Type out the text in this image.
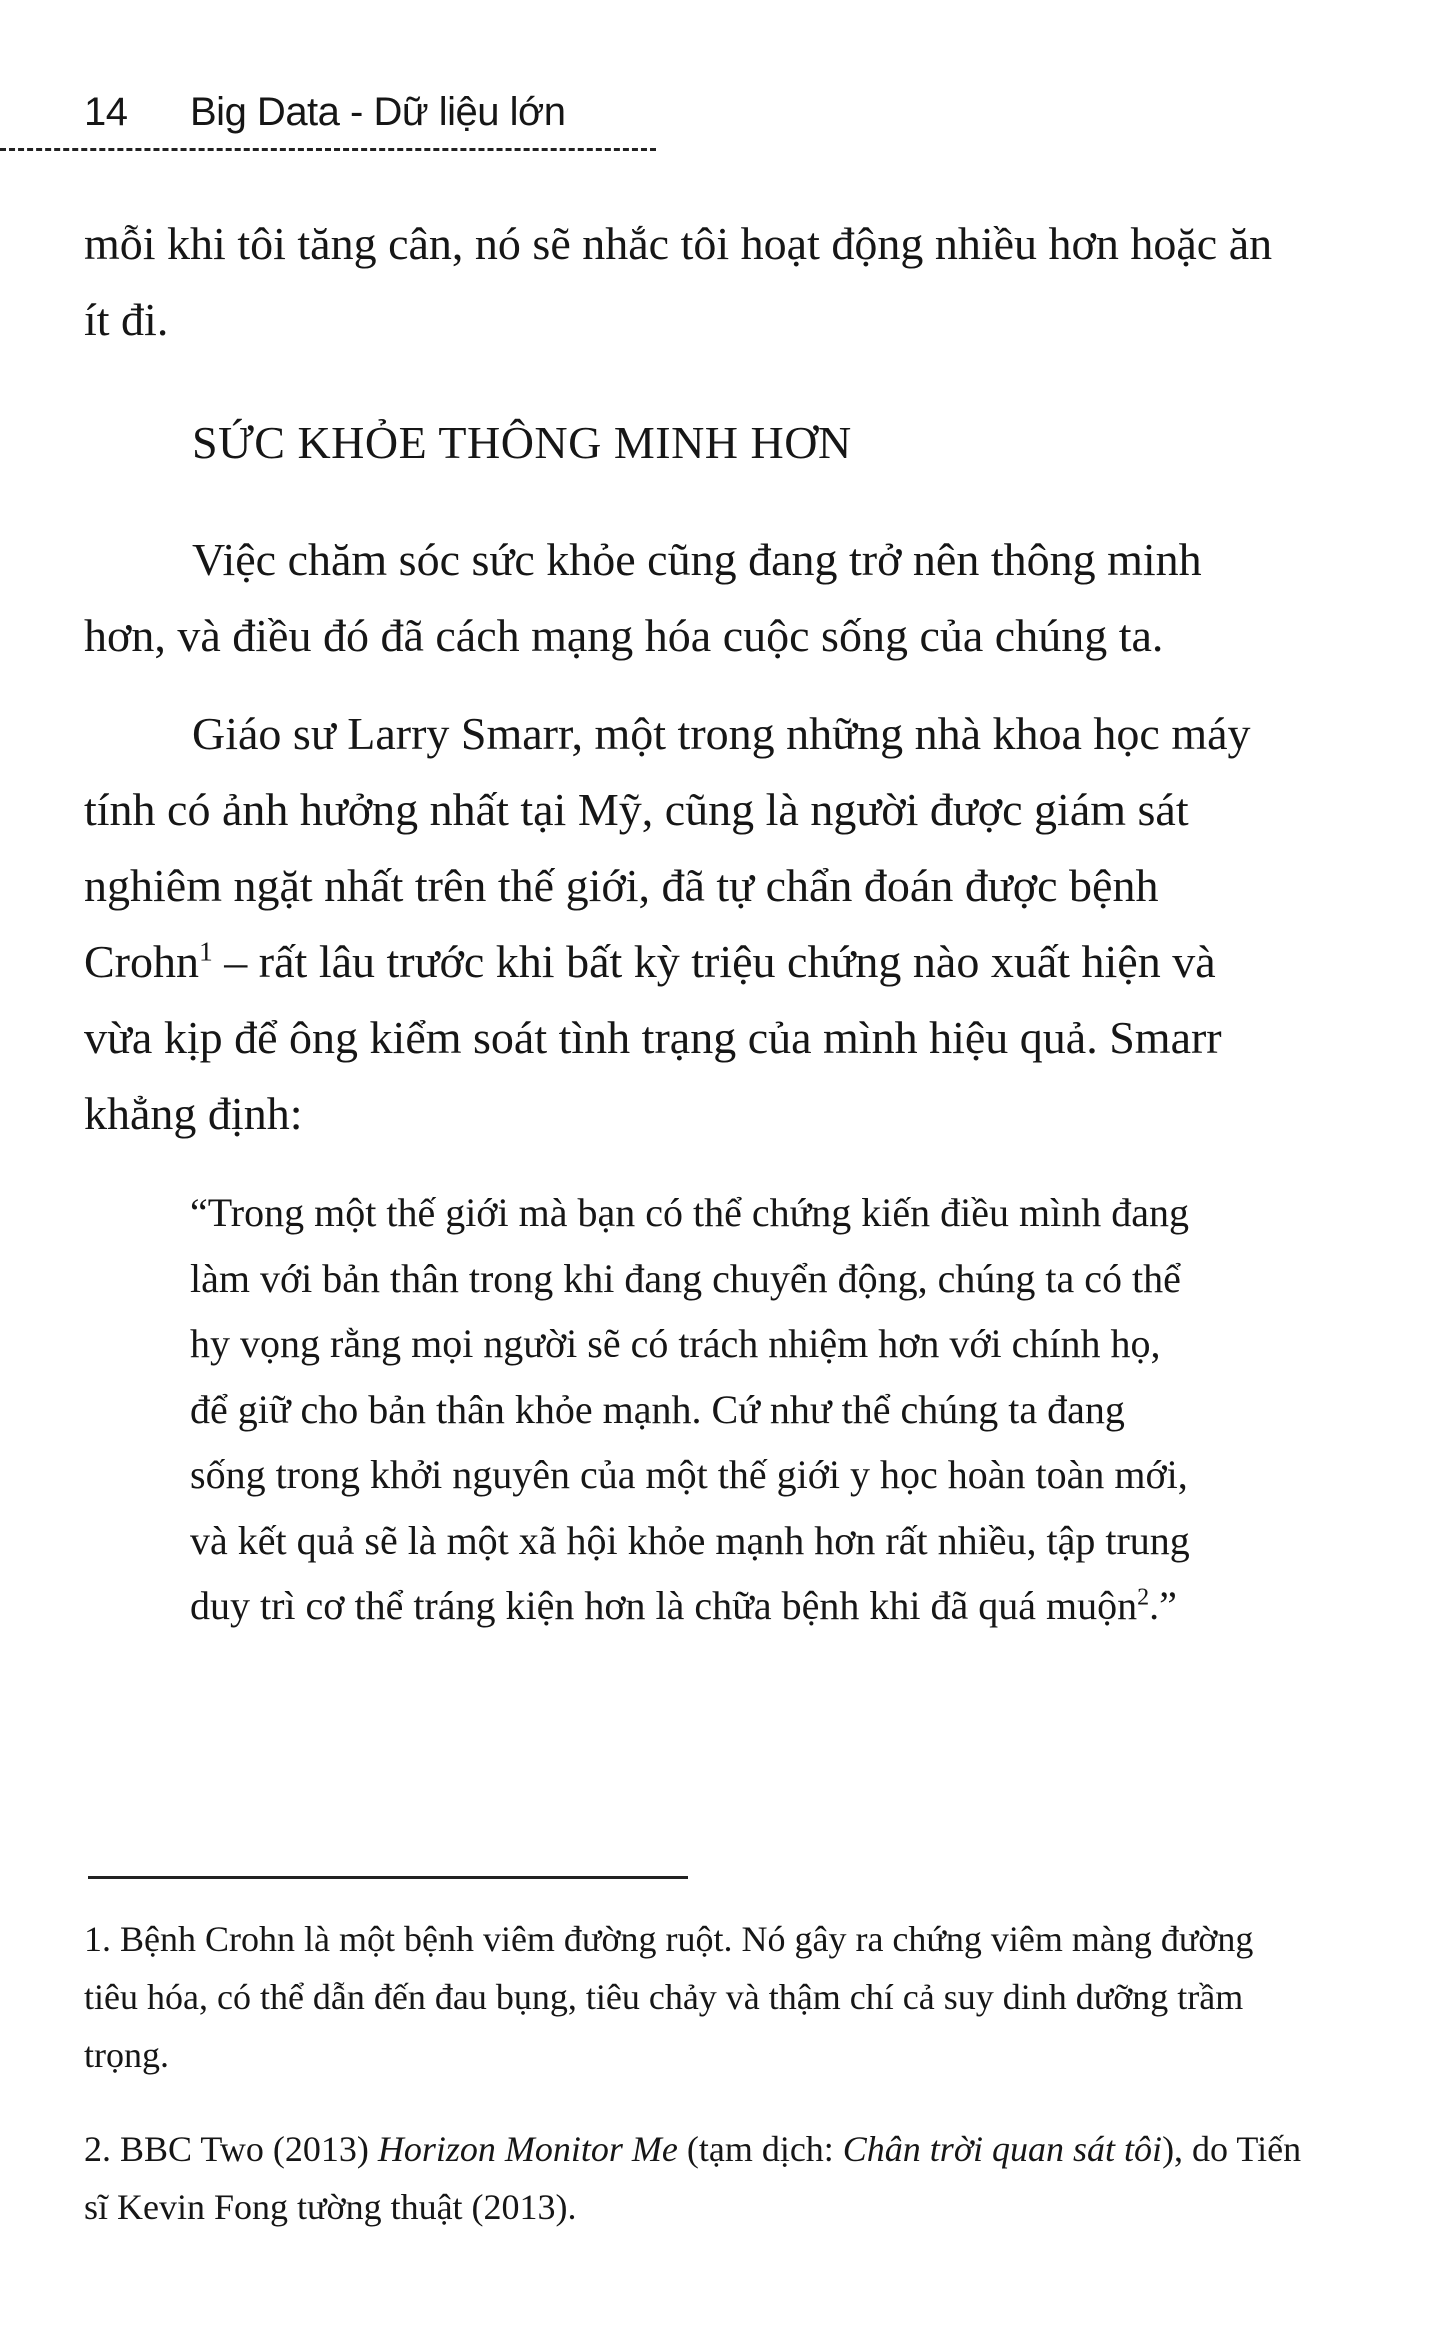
14 Big Data - Dữ liệu lớn

mỗi khi tôi tăng cân, nó sẽ nhắc tôi hoạt động nhiều hơn hoặc ăn ít đi.

SỨC KHỎE THÔNG MINH HƠN

Việc chăm sóc sức khỏe cũng đang trở nên thông minh hơn, và điều đó đã cách mạng hóa cuộc sống của chúng ta.

Giáo sư Larry Smarr, một trong những nhà khoa học máy tính có ảnh hưởng nhất tại Mỹ, cũng là người được giám sát nghiêm ngặt nhất trên thế giới, đã tự chẩn đoán được bệnh Crohn$^1$ – rất lâu trước khi bất kỳ triệu chứng nào xuất hiện và vừa kịp để ông kiểm soát tình trạng của mình hiệu quả. Smarr khẳng định:

“Trong một thế giới mà bạn có thể chứng kiến điều mình đang làm với bản thân trong khi đang chuyển động, chúng ta có thể hy vọng rằng mọi người sẽ có trách nhiệm hơn với chính họ, để giữ cho bản thân khỏe mạnh. Cứ như thể chúng ta đang sống trong khởi nguyên của một thế giới y học hoàn toàn mới, và kết quả sẽ là một xã hội khỏe mạnh hơn rất nhiều, tập trung duy trì cơ thể tráng kiện hơn là chữa bệnh khi đã quá muộn$^2$.”

1. Bệnh Crohn là một bệnh viêm đường ruột. Nó gây ra chứng viêm màng đường tiêu hóa, có thể dẫn đến đau bụng, tiêu chảy và thậm chí cả suy dinh dưỡng trầm trọng.

2. BBC Two (2013) Horizon Monitor Me (tạm dịch: Chân trời quan sát tôi), do Tiến sĩ Kevin Fong tường thuật (2013).
